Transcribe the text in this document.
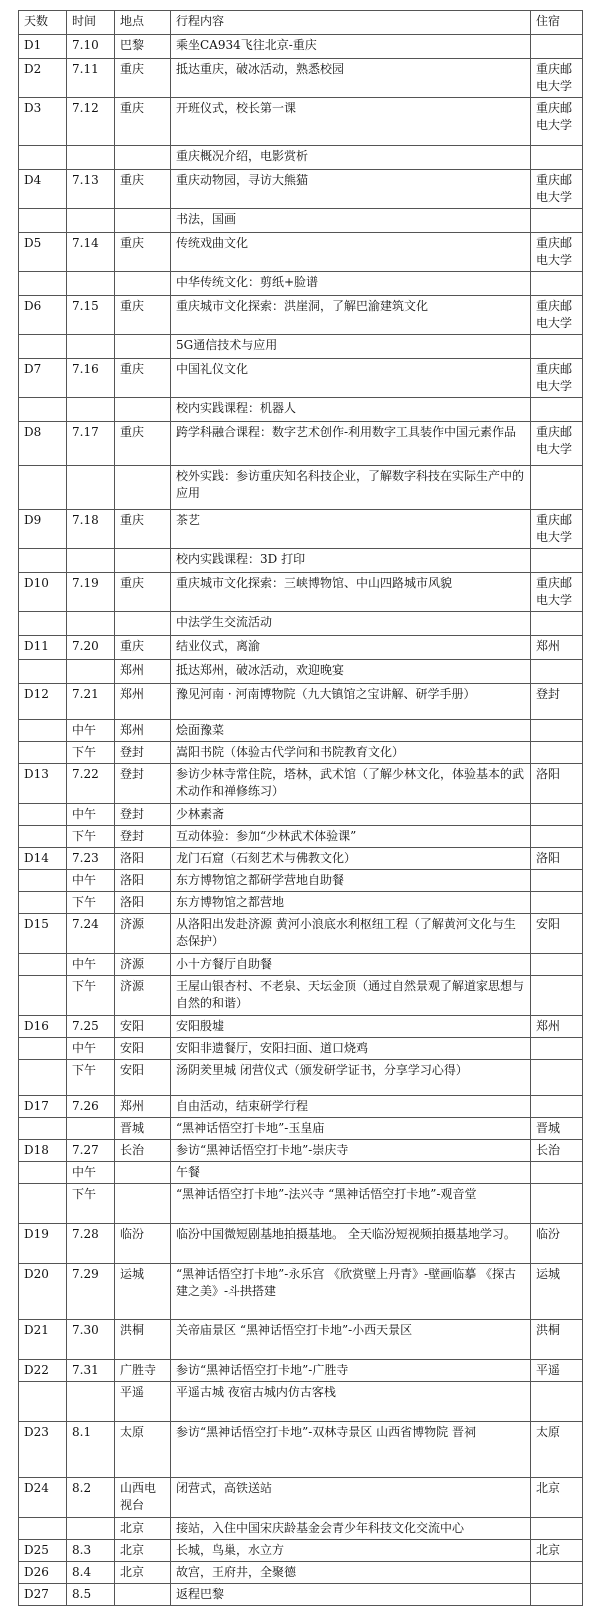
天数	时间	地点	行程内容	住宿
D1	7.10	巴黎	乘坐CA934飞往北京-重庆	
D2	7.11	重庆	抵达重庆，破冰活动，熟悉校园	重庆邮电大学
D3	7.12	重庆	开班仪式，校长第一课	重庆邮电大学
			重庆概况介绍，电影赏析	
D4	7.13	重庆	重庆动物园，寻访大熊猫	重庆邮电大学
			书法，国画	
D5	7.14	重庆	传统戏曲文化	重庆邮电大学
			中华传统文化：剪纸+脸谱	
D6	7.15	重庆	重庆城市文化探索：洪崖洞，了解巴渝建筑文化	重庆邮电大学
			5G通信技术与应用	
D7	7.16	重庆	中国礼仪文化	重庆邮电大学
			校内实践课程：机器人	
D8	7.17	重庆	跨学科融合课程：数字艺术创作-利用数字工具装作中国元素作品	重庆邮电大学
			校外实践：参访重庆知名科技企业，了解数字科技在实际生产中的应用	
D9	7.18	重庆	茶艺	重庆邮电大学
			校内实践课程：3D 打印	
D10	7.19	重庆	重庆城市文化探索：三峡博物馆、中山四路城市风貌	重庆邮电大学
			中法学生交流活动	
D11	7.20	重庆	结业仪式，离渝	郑州
		郑州	抵达郑州，破冰活动，欢迎晚宴	
D12	7.21	郑州	豫见河南 · 河南博物院（九大镇馆之宝讲解、研学手册）	登封
	中午	郑州	烩面豫菜	
	下午	登封	嵩阳书院（体验古代学问和书院教育文化）	
D13	7.22	登封	参访少林寺常住院，塔林，武术馆（了解少林文化，体验基本的武术动作和禅修练习）	洛阳
	中午	登封	少林素斋	
	下午	登封	互动体验：参加“少林武术体验课”	
D14	7.23	洛阳	龙门石窟（石刻艺术与佛教文化）	洛阳
	中午	洛阳	东方博物馆之都研学营地自助餐	
	下午	洛阳	东方博物馆之都营地	
D15	7.24	济源	从洛阳出发赴济源 黄河小浪底水利枢纽工程（了解黄河文化与生态保护）	安阳
	中午	济源	小十方餐厅自助餐	
	下午	济源	王屋山银杏村、不老泉、天坛金顶（通过自然景观了解道家思想与自然的和谐）	
D16	7.25	安阳	安阳殷墟	郑州
	中午	安阳	安阳非遗餐厅，安阳扫面、道口烧鸡	
	下午	安阳	汤阴羑里城 闭营仪式（颁发研学证书，分享学习心得）	
D17	7.26	郑州	自由活动，结束研学行程	
		晋城	“黑神话悟空打卡地”-玉皇庙	晋城
D18	7.27	长治	参访“黑神话悟空打卡地”-崇庆寺	长治
	中午		午餐	
	下午		“黑神话悟空打卡地”-法兴寺 “黑神话悟空打卡地”-观音堂	
D19	7.28	临汾	临汾中国微短剧基地拍摄基地。 全天临汾短视频拍摄基地学习。	临汾
D20	7.29	运城	“黑神话悟空打卡地”-永乐宫 《欣赏壁上丹青》-壁画临摹 《探古建之美》-斗拱搭建	运城
D21	7.30	洪桐	关帝庙景区 “黑神话悟空打卡地”-小西天景区	洪桐
D22	7.31	广胜寺	参访“黑神话悟空打卡地”-广胜寺	平遥
		平遥	平遥古城 夜宿古城内仿古客栈	
D23	8.1	太原	参访“黑神话悟空打卡地”-双林寺景区 山西省博物院 晋祠	太原
D24	8.2	山西电视台	闭营式，高铁送站	北京
		北京	接站，入住中国宋庆龄基金会青少年科技文化交流中心	
D25	8.3	北京	长城，鸟巢，水立方	北京
D26	8.4	北京	故宫，王府井，全聚德	
D27	8.5		返程巴黎	
